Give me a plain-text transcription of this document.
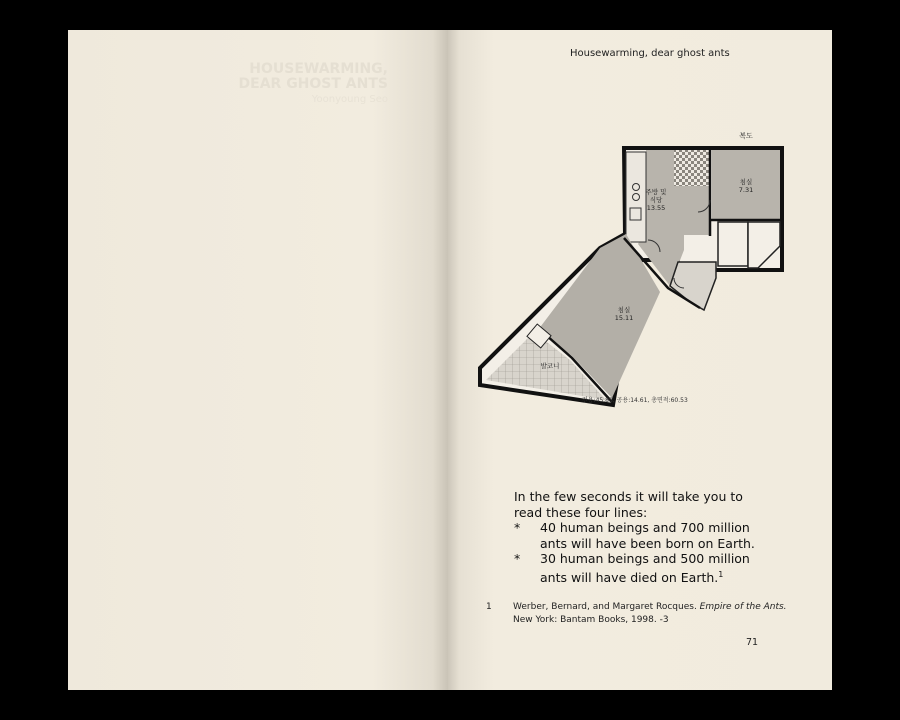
HOUSEWARMING,
DEAR GHOST ANTS
Yoonyoung Seo
Housewarming, dear ghost ants
복도
주방 및
식당
13.55
침실
7.31
침실
15.11
발코니
전용:45.88, 공용:14.61, 총면적:60.53
In the few seconds it will take you to
read these four lines:
* 40 human beings and 700 million
ants will have been born on Earth.
* 30 human beings and 500 million
ants will have died on Earth.$^1$
1 Werber, Bernard, and Margaret Rocques. Empire of the Ants.
New York: Bantam Books, 1998. -3
71
